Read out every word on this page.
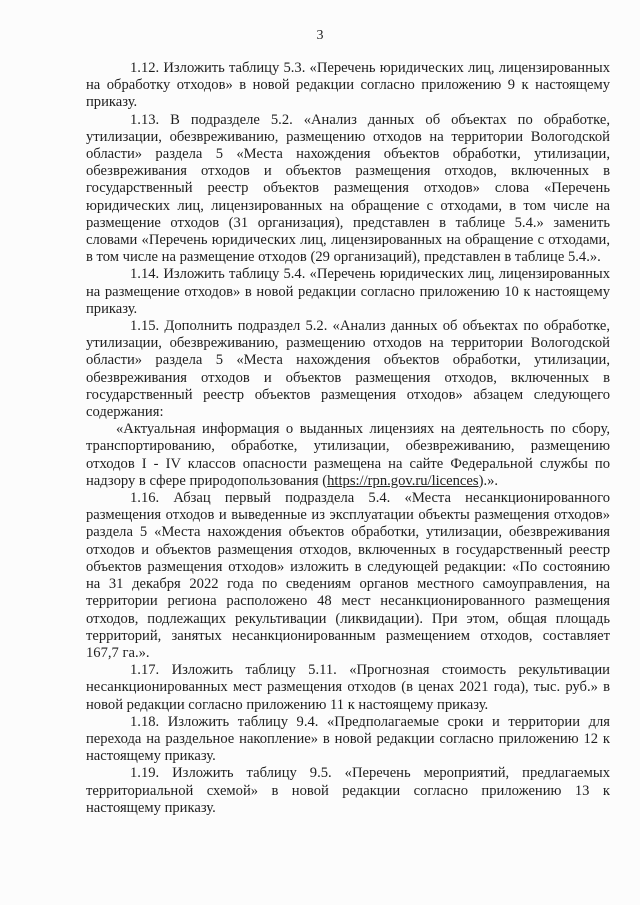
3

1.12. Изложить таблицу 5.3. «Перечень юридических лиц, лицензированных на обработку отходов» в новой редакции согласно приложению 9 к настоящему приказу.

1.13. В подразделе 5.2. «Анализ данных об объектах по обработке, утилизации, обезвреживанию, размещению отходов на территории Вологодской области» раздела 5 «Места нахождения объектов обработки, утилизации, обезвреживания отходов и объектов размещения отходов, включенных в государственный реестр объектов размещения отходов» слова «Перечень юридических лиц, лицензированных на обращение с отходами, в том числе на размещение отходов (31 организация), представлен в таблице 5.4.» заменить словами «Перечень юридических лиц, лицензированных на обращение с отходами, в том числе на размещение отходов (29 организаций), представлен в таблице 5.4.».

1.14. Изложить таблицу 5.4. «Перечень юридических лиц, лицензированных на размещение отходов» в новой редакции согласно приложению 10 к настоящему приказу.

1.15. Дополнить подраздел 5.2. «Анализ данных об объектах по обработке, утилизации, обезвреживанию, размещению отходов на территории Вологодской области» раздела 5 «Места нахождения объектов обработки, утилизации, обезвреживания отходов и объектов размещения отходов, включенных в государственный реестр объектов размещения отходов» абзацем следующего содержания:

«Актуальная информация о выданных лицензиях на деятельность по сбору, транспортированию, обработке, утилизации, обезвреживанию, размещению отходов I - IV классов опасности размещена на сайте Федеральной службы по надзору в сфере природопользования (https://rpn.gov.ru/licences).».

1.16. Абзац первый подраздела 5.4. «Места несанкционированного размещения отходов и выведенные из эксплуатации объекты размещения отходов» раздела 5 «Места нахождения объектов обработки, утилизации, обезвреживания отходов и объектов размещения отходов, включенных в государственный реестр объектов размещения отходов» изложить в следующей редакции: «По состоянию на 31 декабря 2022 года по сведениям органов местного самоуправления, на территории региона расположено 48 мест несанкционированного размещения отходов, подлежащих рекультивации (ликвидации). При этом, общая площадь территорий, занятых несанкционированным размещением отходов, составляет 167,7 га.».

1.17. Изложить таблицу 5.11. «Прогнозная стоимость рекультивации несанкционированных мест размещения отходов (в ценах 2021 года), тыс. руб.» в новой редакции согласно приложению 11 к настоящему приказу.

1.18. Изложить таблицу 9.4. «Предполагаемые сроки и территории для перехода на раздельное накопление» в новой редакции согласно приложению 12 к настоящему приказу.

1.19. Изложить таблицу 9.5. «Перечень мероприятий, предлагаемых территориальной схемой» в новой редакции согласно приложению 13 к настоящему приказу.
